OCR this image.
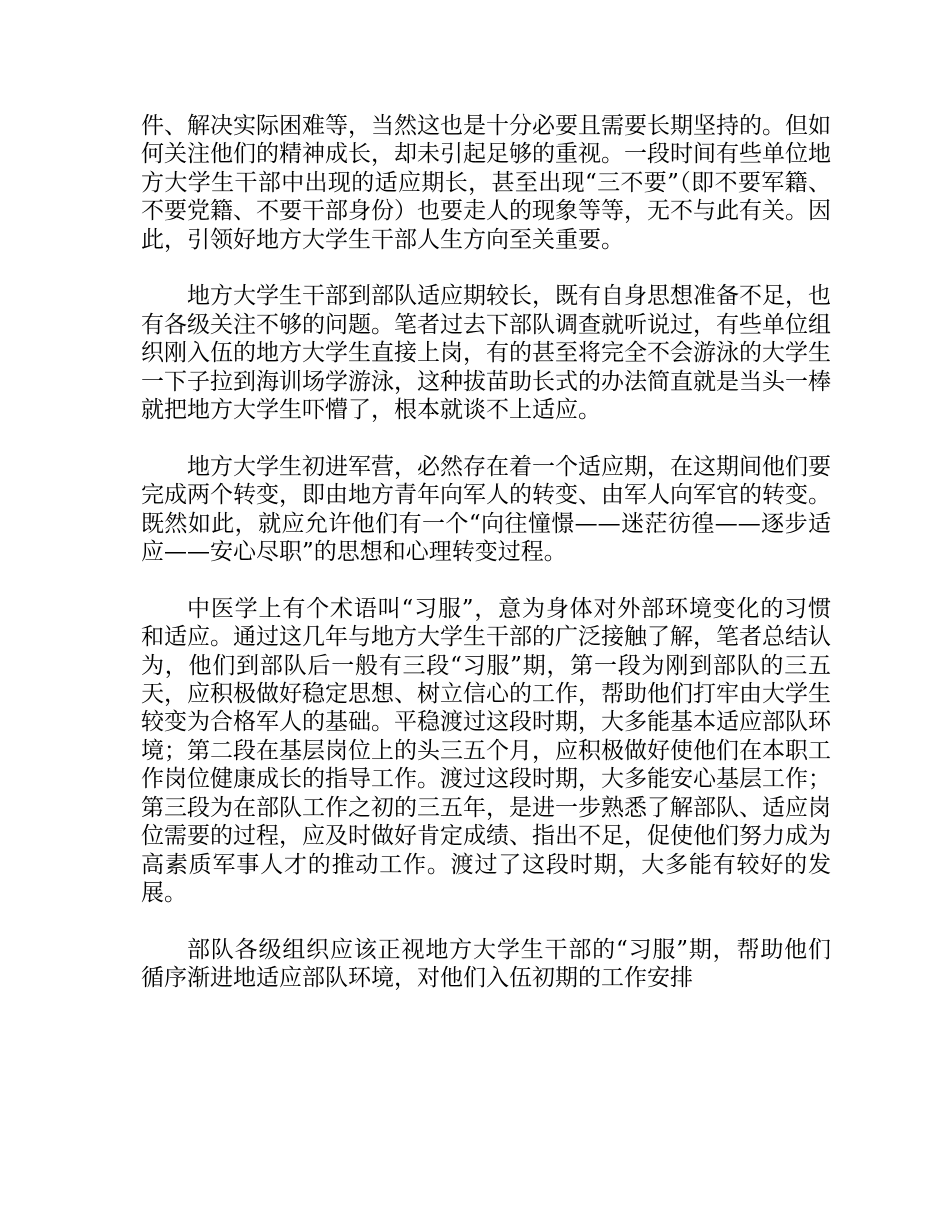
件、解决实际困难等，当然这也是十分必要且需要长期坚持的。但如何关注他们的精神成长，却未引起足够的重视。一段时间有些单位地方大学生干部中出现的适应期长，甚至出现“三不要”（即不要军籍、不要党籍、不要干部身份）也要走人的现象等等，无不与此有关。因此，引领好地方大学生干部人生方向至关重要。

地方大学生干部到部队适应期较长，既有自身思想准备不足，也有各级关注不够的问题。笔者过去下部队调查就听说过，有些单位组织刚入伍的地方大学生直接上岗，有的甚至将完全不会游泳的大学生一下子拉到海训场学游泳，这种拔苗助长式的办法简直就是当头一棒就把地方大学生吓懵了，根本就谈不上适应。

地方大学生初进军营，必然存在着一个适应期，在这期间他们要完成两个转变，即由地方青年向军人的转变、由军人向军官的转变。既然如此，就应允许他们有一个“向往憧憬——迷茫彷徨——逐步适应——安心尽职”的思想和心理转变过程。

中医学上有个术语叫“习服”，意为身体对外部环境变化的习惯和适应。通过这几年与地方大学生干部的广泛接触了解，笔者总结认为，他们到部队后一般有三段“习服”期，第一段为刚到部队的三五天，应积极做好稳定思想、树立信心的工作，帮助他们打牢由大学生较变为合格军人的基础。平稳渡过这段时期，大多能基本适应部队环境；第二段在基层岗位上的头三五个月，应积极做好使他们在本职工作岗位健康成长的指导工作。渡过这段时期，大多能安心基层工作；第三段为在部队工作之初的三五年，是进一步熟悉了解部队、适应岗位需要的过程，应及时做好肯定成绩、指出不足，促使他们努力成为高素质军事人才的推动工作。渡过了这段时期，大多能有较好的发展。

部队各级组织应该正视地方大学生干部的“习服”期，帮助他们循序渐进地适应部队环境，对他们入伍初期的工作安排
